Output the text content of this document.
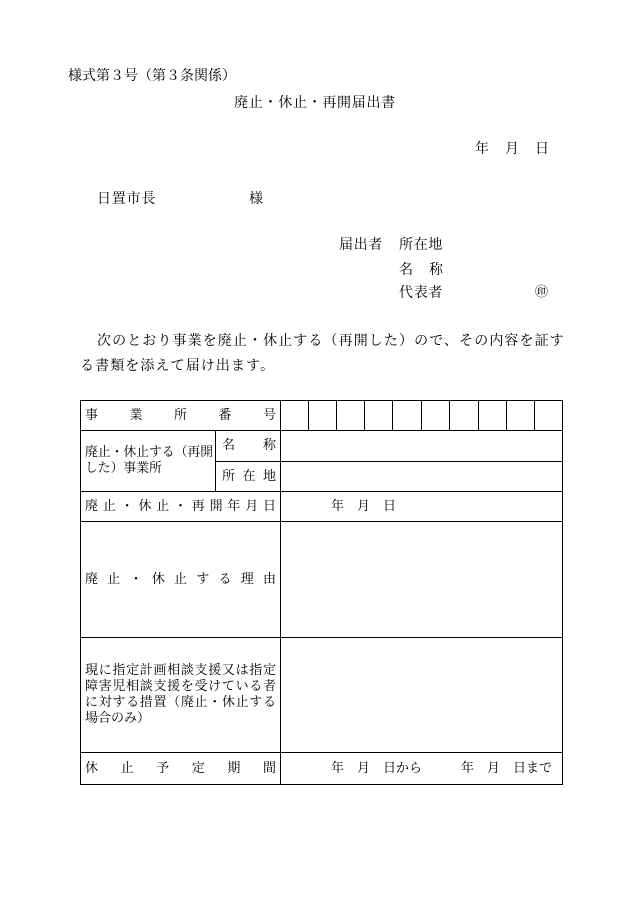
様式第３号（第３条関係）
廃止・休止・再開届出書
年　月　日
日置市長	様
届出者 所在地
名称
代表者	㊞
次のとおり事業を廃止・休止する（再開した）ので、その内容を証す
る書類を添えて届け出ます。
事業所番号											

廃止・休止する（再開
した）事業所	名称										
	所在地										
廃止・休止・再開年月日		年　月　日									
廃止・休止する理由											

現に指定計画相談支援又は指定
障害児相談支援を受けている者
に対する措置（廃止・休止する
場合のみ）											

休止予定期間		年　月　日から　　　年　月　日まで									
